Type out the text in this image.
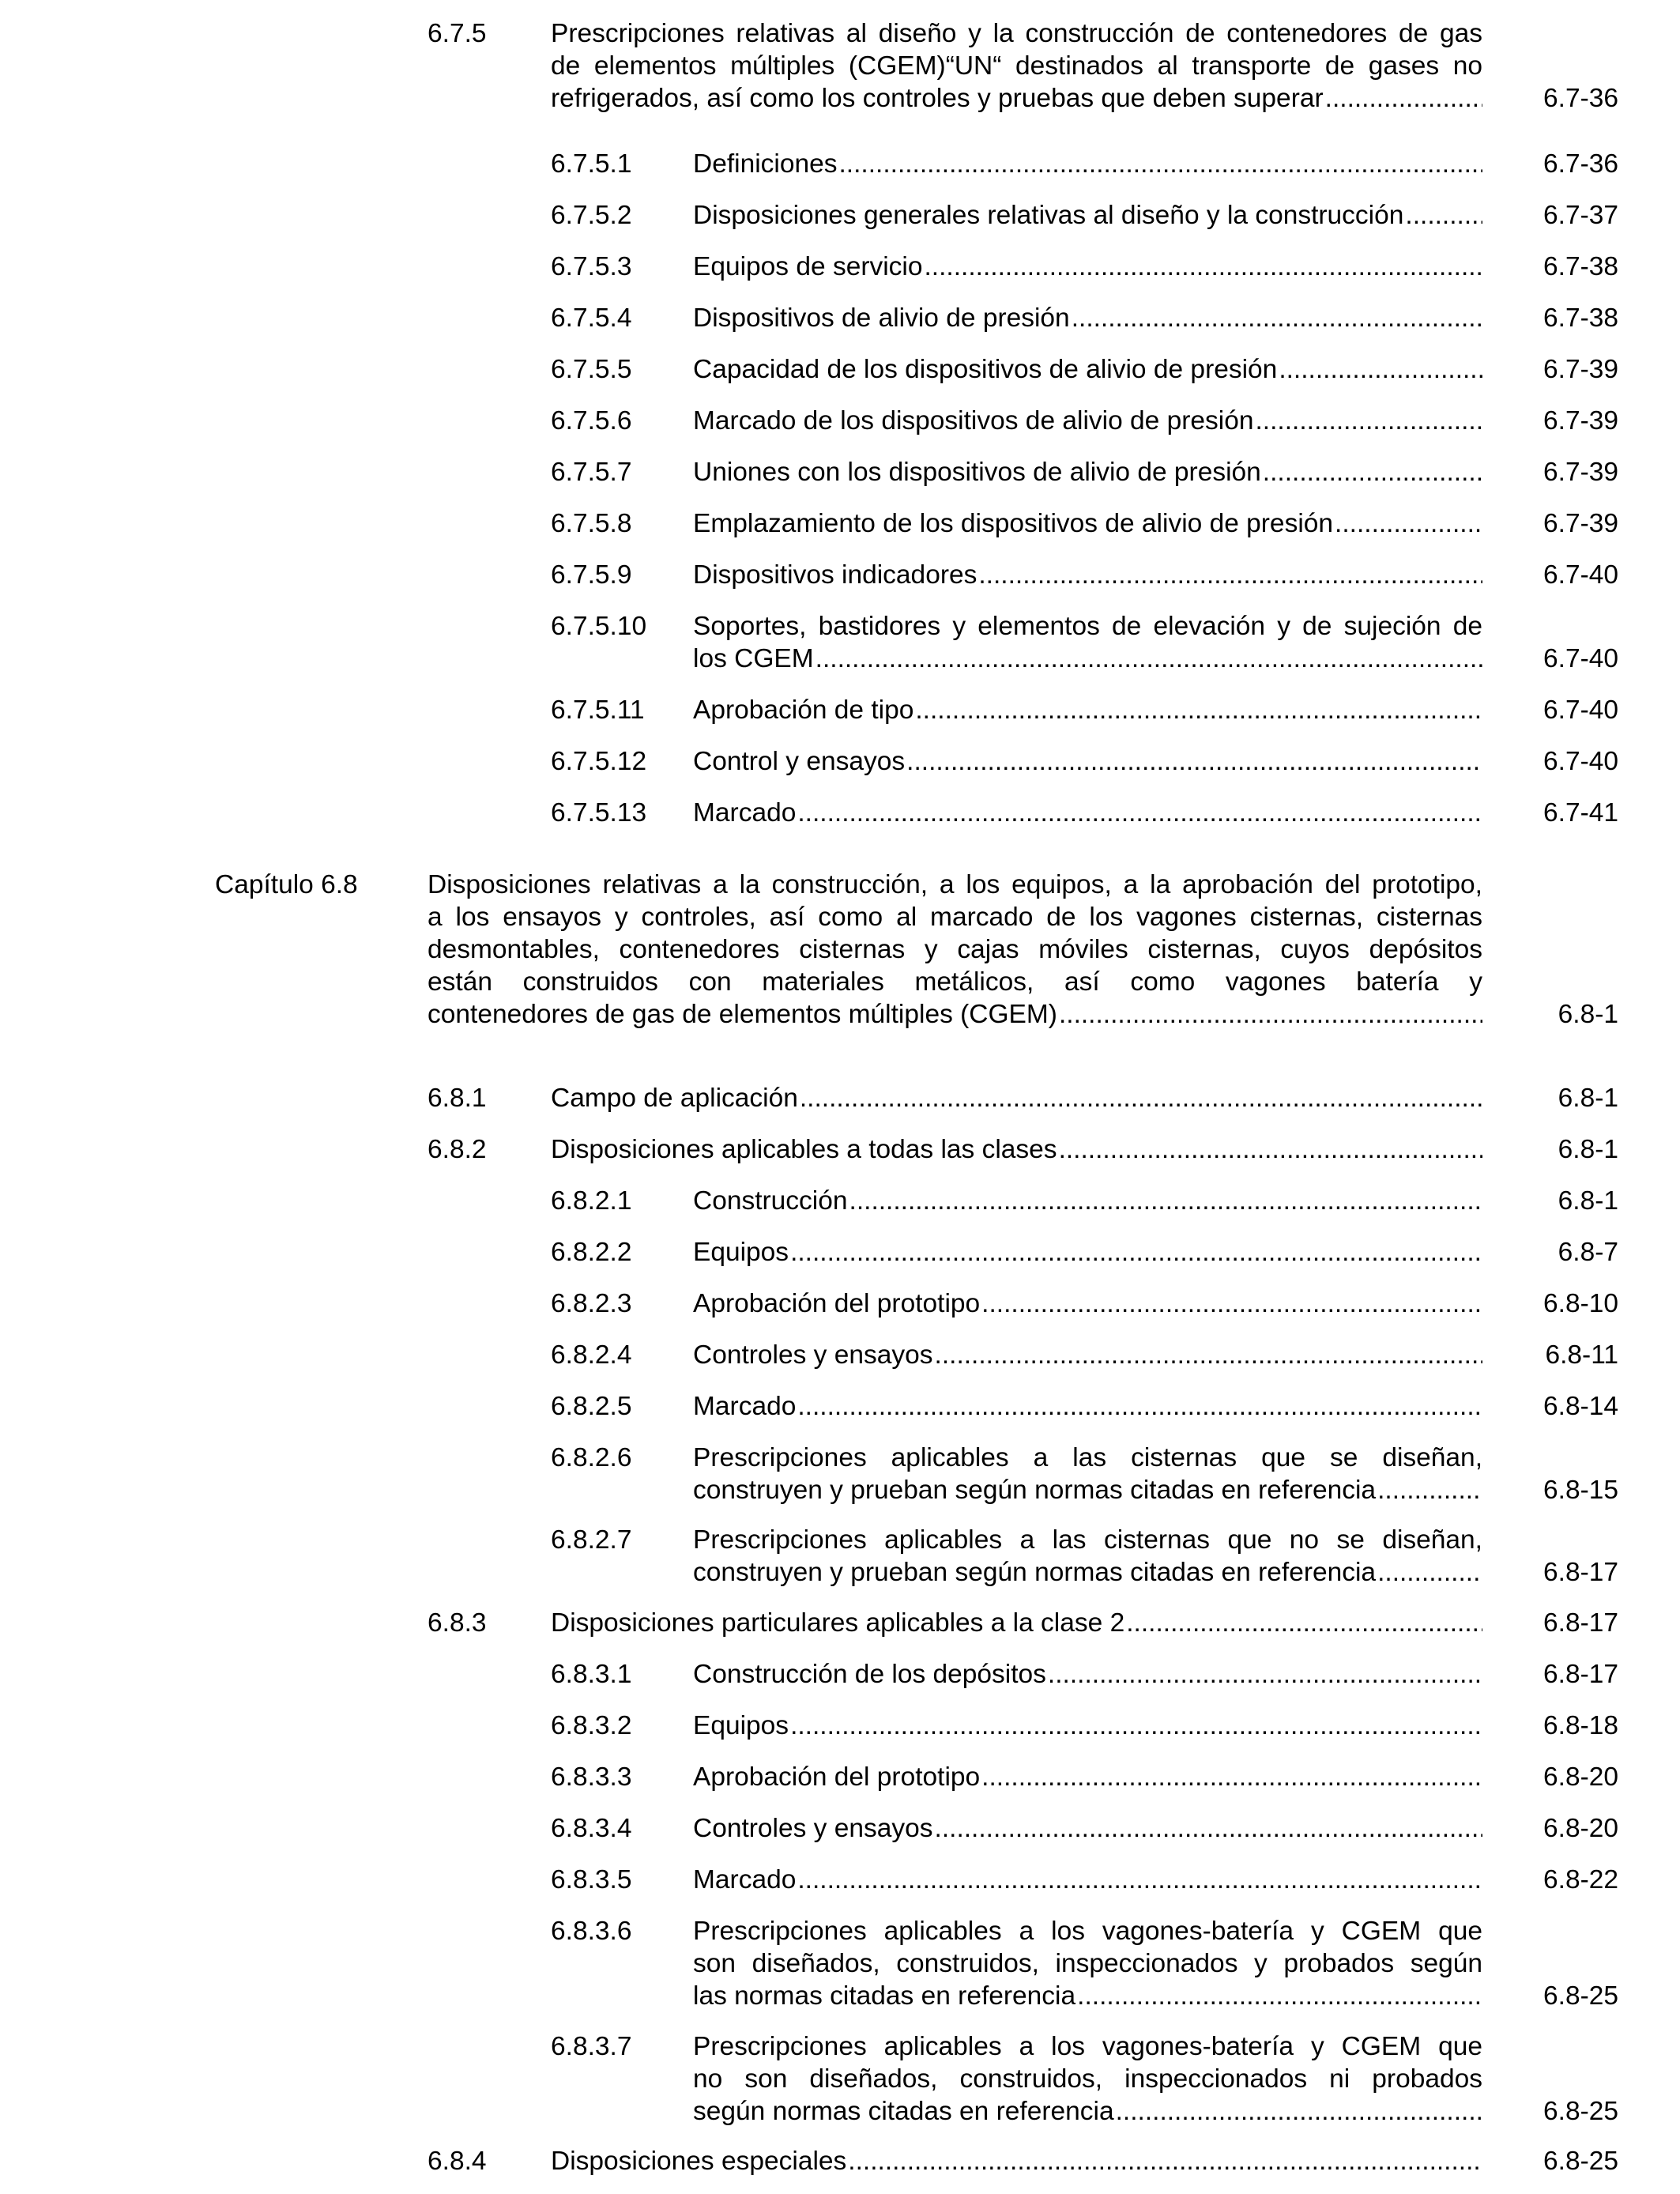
6.7.5 Prescripciones relativas al diseño y la construcción de contenedores de gas
de elementos múltiples (CGEM)“UN“ destinados al transporte de gases no
refrigerados, así como los controles y pruebas que deben superar .....	6.7-36
6.7.5.1 Definiciones .....	6.7-36
6.7.5.2 Disposiciones generales relativas al diseño y la construcción .....	6.7-37
6.7.5.3 Equipos de servicio .....	6.7-38
6.7.5.4 Dispositivos de alivio de presión .....	6.7-38
6.7.5.5 Capacidad de los dispositivos de alivio de presión .....	6.7-39
6.7.5.6 Marcado de los dispositivos de alivio de presión .....	6.7-39
6.7.5.7 Uniones con los dispositivos de alivio de presión .....	6.7-39
6.7.5.8 Emplazamiento de los dispositivos de alivio de presión .....	6.7-39
6.7.5.9 Dispositivos indicadores .....	6.7-40
6.7.5.10 Soportes, bastidores y elementos de elevación y de sujeción de
los CGEM .....	6.7-40
6.7.5.11 Aprobación de tipo .....	6.7-40
6.7.5.12 Control y ensayos .....	6.7-40
6.7.5.13 Marcado .....	6.7-41
Capítulo 6.8	Disposiciones relativas a la construcción, a los equipos, a la aprobación del prototipo,
a los ensayos y controles, así como al marcado de los vagones cisternas, cisternas
desmontables, contenedores cisternas y cajas móviles cisternas, cuyos depósitos
están construidos con materiales metálicos, así como vagones batería y
contenedores de gas de elementos múltiples (CGEM) .....	6.8-1
6.8.1 Campo de aplicación .....	6.8-1
6.8.2 Disposiciones aplicables a todas las clases .....	6.8-1
6.8.2.1 Construcción .....	6.8-1
6.8.2.2 Equipos .....	6.8-7
6.8.2.3 Aprobación del prototipo .....	6.8-10
6.8.2.4 Controles y ensayos .....	6.8-11
6.8.2.5 Marcado .....	6.8-14
6.8.2.6 Prescripciones aplicables a las cisternas que se diseñan,
construyen y prueban según normas citadas en referencia .....	6.8-15
6.8.2.7 Prescripciones aplicables a las cisternas que no se diseñan,
construyen y prueban según normas citadas en referencia .....	6.8-17
6.8.3 Disposiciones particulares aplicables a la clase 2 .....	6.8-17
6.8.3.1 Construcción de los depósitos .....	6.8-17
6.8.3.2 Equipos .....	6.8-18
6.8.3.3 Aprobación del prototipo .....	6.8-20
6.8.3.4 Controles y ensayos .....	6.8-20
6.8.3.5 Marcado .....	6.8-22
6.8.3.6 Prescripciones aplicables a los vagones-batería y CGEM que
son diseñados, construidos, inspeccionados y probados según
las normas citadas en referencia .....	6.8-25
6.8.3.7 Prescripciones aplicables a los vagones-batería y CGEM que
no son diseñados, construidos, inspeccionados ni probados
según normas citadas en referencia .....	6.8-25
6.8.4 Disposiciones especiales .....	6.8-25
